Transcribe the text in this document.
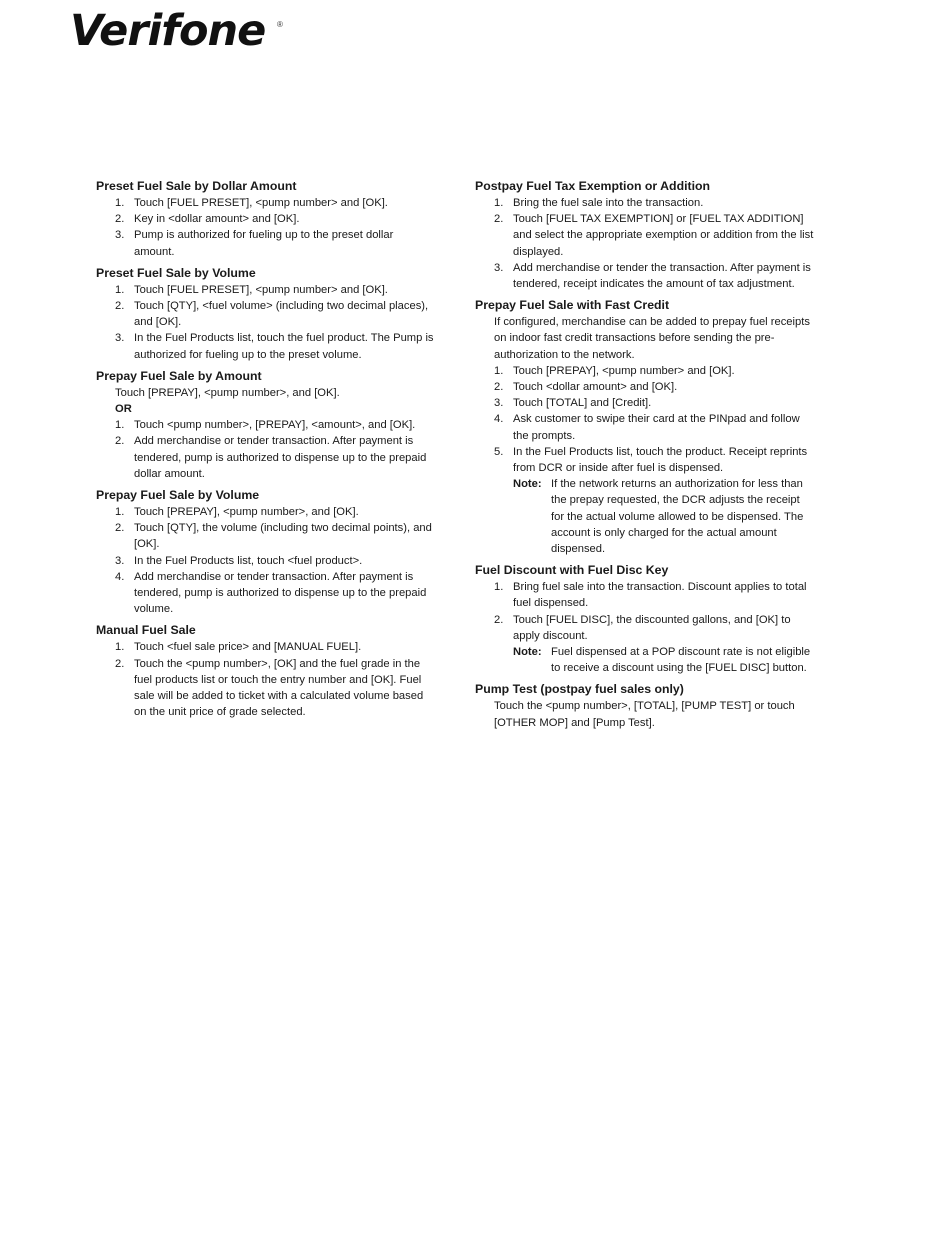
Verifone ®
Preset Fuel Sale by Dollar Amount
1. Touch [FUEL PRESET], <pump number> and [OK].
2. Key in <dollar amount> and [OK].
3. Pump is authorized for fueling up to the preset dollar amount.
Preset Fuel Sale by Volume
1. Touch [FUEL PRESET], <pump number> and [OK].
2. Touch [QTY], <fuel volume> (including two decimal places), and [OK].
3. In the Fuel Products list, touch the fuel product. The Pump is authorized for fueling up to the preset volume.
Prepay Fuel Sale by Amount
Touch [PREPAY], <pump number>, and [OK].
OR
1. Touch <pump number>, [PREPAY], <amount>, and [OK].
2. Add merchandise or tender transaction. After payment is tendered, pump is authorized to dispense up to the prepaid dollar amount.
Prepay Fuel Sale by Volume
1. Touch [PREPAY], <pump number>, and [OK].
2. Touch [QTY], the volume (including two decimal points), and [OK].
3. In the Fuel Products list, touch <fuel product>.
4. Add merchandise or tender transaction. After payment is tendered, pump is authorized to dispense up to the prepaid volume.
Manual Fuel Sale
1. Touch <fuel sale price> and [MANUAL FUEL].
2. Touch the <pump number>, [OK] and the fuel grade in the fuel products list or touch the entry number and [OK]. Fuel sale will be added to ticket with a calculated volume based on the unit price of grade selected.
Postpay Fuel Tax Exemption or Addition
1. Bring the fuel sale into the transaction.
2. Touch [FUEL TAX EXEMPTION] or [FUEL TAX ADDITION] and select the appropriate exemption or addition from the list displayed.
3. Add merchandise or tender the transaction. After payment is tendered, receipt indicates the amount of tax adjustment.
Prepay Fuel Sale with Fast Credit
If configured, merchandise can be added to prepay fuel receipts on indoor fast credit transactions before sending the pre-authorization to the network.
1. Touch [PREPAY], <pump number> and [OK].
2. Touch <dollar amount> and [OK].
3. Touch [TOTAL] and [Credit].
4. Ask customer to swipe their card at the PINpad and follow the prompts.
5. In the Fuel Products list, touch the product. Receipt reprints from DCR or inside after fuel is dispensed.
Note: If the network returns an authorization for less than the prepay requested, the DCR adjusts the receipt for the actual volume allowed to be dispensed. The account is only charged for the actual amount dispensed.
Fuel Discount with Fuel Disc Key
1. Bring fuel sale into the transaction. Discount applies to total fuel dispensed.
2. Touch [FUEL DISC], the discounted gallons, and [OK] to apply discount.
Note: Fuel dispensed at a POP discount rate is not eligible to receive a discount using the [FUEL DISC] button.
Pump Test (postpay fuel sales only)
Touch the <pump number>, [TOTAL], [PUMP TEST] or touch [OTHER MOP] and [Pump Test].
